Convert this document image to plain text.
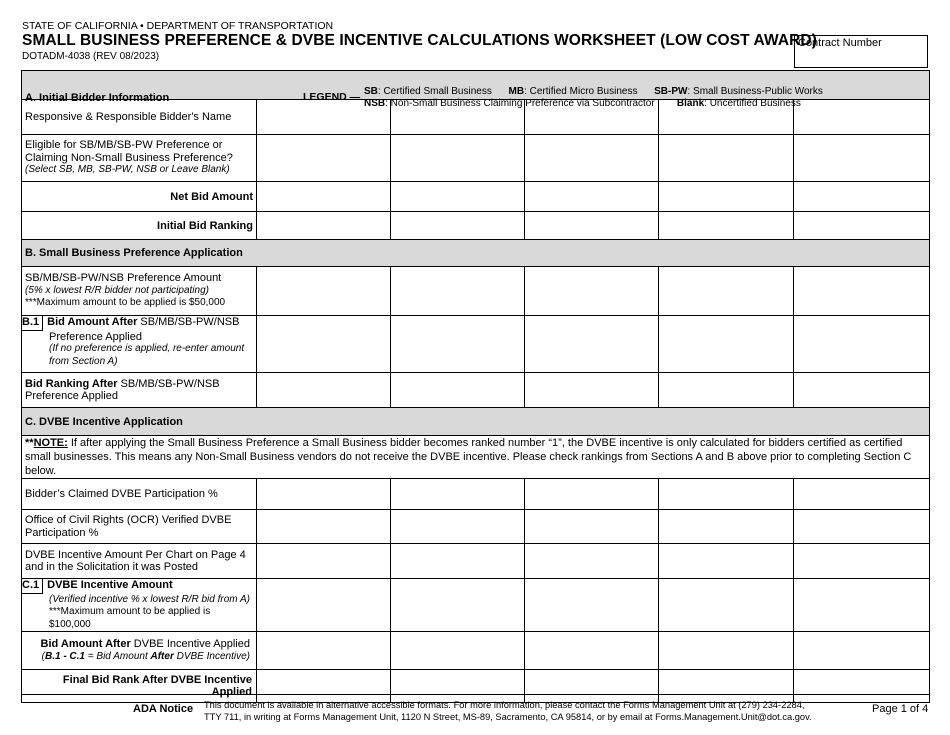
STATE OF CALIFORNIA • DEPARTMENT OF TRANSPORTATION
SMALL BUSINESS PREFERENCE & DVBE INCENTIVE CALCULATIONS WORKSHEET (LOW COST AWARD)
DOTADM-4038 (REV 08/2023)
Contract Number
A. Initial Bidder Information LEGEND — SB: Certified Small Business MB: Certified Micro Business SB-PW: Small Business-Public Works
NSB: Non-Small Business Claiming Preference via Subcontractor Blank: Uncertified Business					

Responsive & Responsible Bidder's Name					

Eligible for SB/MB/SB-PW Preference or
Claiming Non-Small Business Preference?
(Select SB, MB, SB-PW, NSB or Leave Blank)					

Net Bid Amount					
Initial Bid Ranking					
B. Small Business Preference Application					

SB/MB/SB-PW/NSB Preference Amount
(5% x lowest R/R bidder not participating)
***Maximum amount to be applied is $50,000					

B.1 Bid Amount After SB/MB/SB-PW/NSB
Preference Applied
(If no preference is applied, re-enter amount
from Section A)					

Bid Ranking After SB/MB/SB-PW/NSB
Preference Applied					

C. DVBE Incentive Application					
**NOTE: If after applying the Small Business Preference a Small Business bidder becomes ranked number “1”, the DVBE incentive is only calculated for bidders certified as certified small businesses. This means any Non-Small Business vendors do not receive the DVBE incentive. Please check rankings from Sections A and B above prior to completing Section C below.					
Bidder’s Claimed DVBE Participation %					

Office of Civil Rights (OCR) Verified DVBE
Participation %					

DVBE Incentive Amount Per Chart on Page 4
and in the Solicitation it was Posted					

C.1 DVBE Incentive Amount
(Verified incentive % x lowest R/R bid from A)
***Maximum amount to be applied is $100,000					

Bid Amount After DVBE Incentive Applied
(B.1 - C.1 = Bid Amount After DVBE Incentive)					

Final Bid Rank After DVBE Incentive Applied					
ADA Notice This document is available in alternative accessible formats. For more information, please contact the Forms Management Unit at (279) 234-2284,
TTY 711, in writing at Forms Management Unit, 1120 N Street, MS-89, Sacramento, CA 95814, or by email at Forms.Management.Unit@dot.ca.gov.
Page 1 of 4
